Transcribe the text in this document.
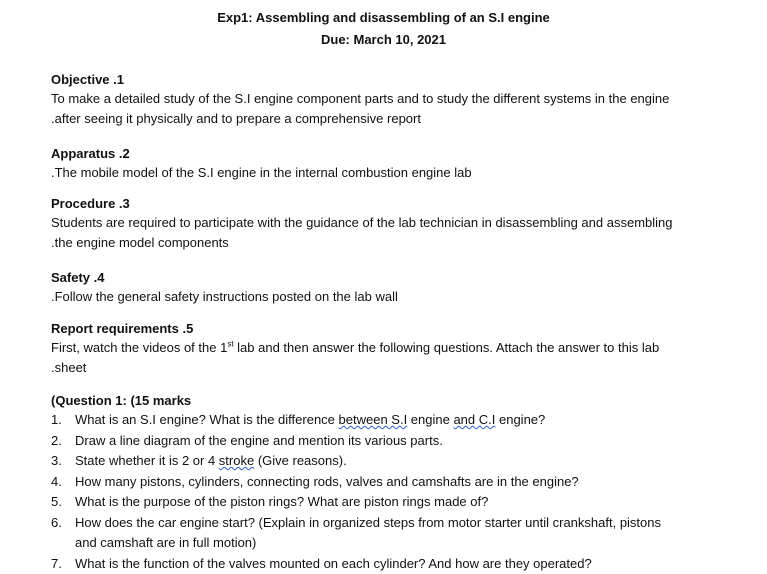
Exp1: Assembling and disassembling of an S.I engine
Due: March 10, 2021
Objective .1
To make a detailed study of the S.I engine component parts and to study the different systems in the engine
.after seeing it physically and to prepare a comprehensive report
Apparatus .2
.The mobile model of the S.I engine in the internal combustion engine lab
Procedure .3
Students are required to participate with the guidance of the lab technician in disassembling and assembling
.the engine model components
Safety .4
.Follow the general safety instructions posted on the lab wall
Report requirements .5
First, watch the videos of the 1st lab and then answer the following questions. Attach the answer to this lab
.sheet
(Question 1: (15 marks
1. What is an S.I engine? What is the difference between S.I engine and C.I engine?
2. Draw a line diagram of the engine and mention its various parts.
3. State whether it is 2 or 4 stroke (Give reasons).
4. How many pistons, cylinders, connecting rods, valves and camshafts are in the engine?
5. What is the purpose of the piston rings? What are piston rings made of?
6. How does the car engine start? (Explain in organized steps from motor starter until crankshaft, pistons
and camshaft are in full motion)
7. What is the function of the valves mounted on each cylinder? And how are they operated?
